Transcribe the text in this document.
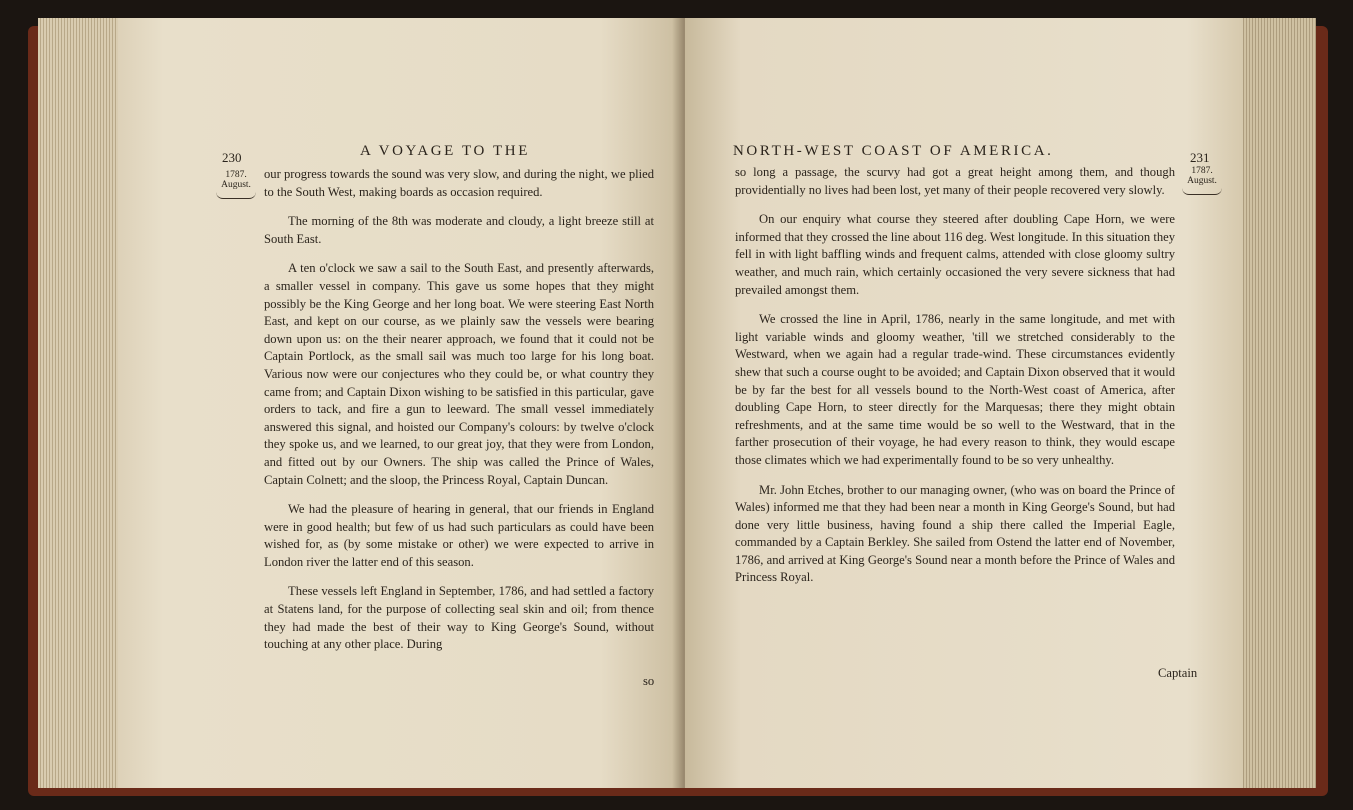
230	A VOYAGE TO THE
1787.
August.

our progress towards the sound was very slow, and during the night, we plied to the South West, making boards as occasion required.

The morning of the 8th was moderate and cloudy, a light breeze still at South East.

A ten o'clock we saw a sail to the South East, and presently afterwards, a smaller vessel in company. This gave us some hopes that they might possibly be the King George and her long boat. We were steering East North East, and kept on our course, as we plainly saw the vessels were bearing down upon us: on the their nearer approach, we found that it could not be Captain Portlock, as the small sail was much too large for his long boat. Various now were our conjectures who they could be, or what country they came from; and Captain Dixon wishing to be satisfied in this particular, gave orders to tack, and fire a gun to leeward. The small vessel immediately answered this signal, and hoisted our Company's colours: by twelve o'clock they spoke us, and we learned, to our great joy, that they were from London, and fitted out by our Owners. The ship was called the Prince of Wales, Captain Colnett; and the sloop, the Princess Royal, Captain Duncan.

We had the pleasure of hearing in general, that our friends in England were in good health; but few of us had such particulars as could have been wished for, as (by some mistake or other) we were expected to arrive in London river the latter end of this season.

These vessels left England in September, 1786, and had settled a factory at Statens land, for the purpose of collecting seal skin and oil; from thence they had made the best of their way to King George's Sound, without touching at any other place. During

so
NORTH-WEST COAST OF AMERICA.	231
1787.
August.

so long a passage, the scurvy had got a great height among them, and though providentially no lives had been lost, yet many of their people recovered very slowly.

On our enquiry what course they steered after doubling Cape Horn, we were informed that they crossed the line about 116 deg. West longitude. In this situation they fell in with light baffling winds and frequent calms, attended with close gloomy sultry weather, and much rain, which certainly occasioned the very severe sickness that had prevailed amongst them.

We crossed the line in April, 1786, nearly in the same longitude, and met with light variable winds and gloomy weather, 'till we stretched considerably to the Westward, when we again had a regular trade-wind. These circumstances evidently shew that such a course ought to be avoided; and Captain Dixon observed that it would be by far the best for all vessels bound to the North-West coast of America, after doubling Cape Horn, to steer directly for the Marquesas; there they might obtain refreshments, and at the same time would be so well to the Westward, that in the farther prosecution of their voyage, he had every reason to think, they would escape those climates which we had experimentally found to be so very unhealthy.

Mr. John Etches, brother to our managing owner, (who was on board the Prince of Wales) informed me that they had been near a month in King George's Sound, but had done very little business, having found a ship there called the Imperial Eagle, commanded by a Captain Berkley. She sailed from Ostend the latter end of November, 1786, and arrived at King George's Sound near a month before the Prince of Wales and Princess Royal.

Captain
